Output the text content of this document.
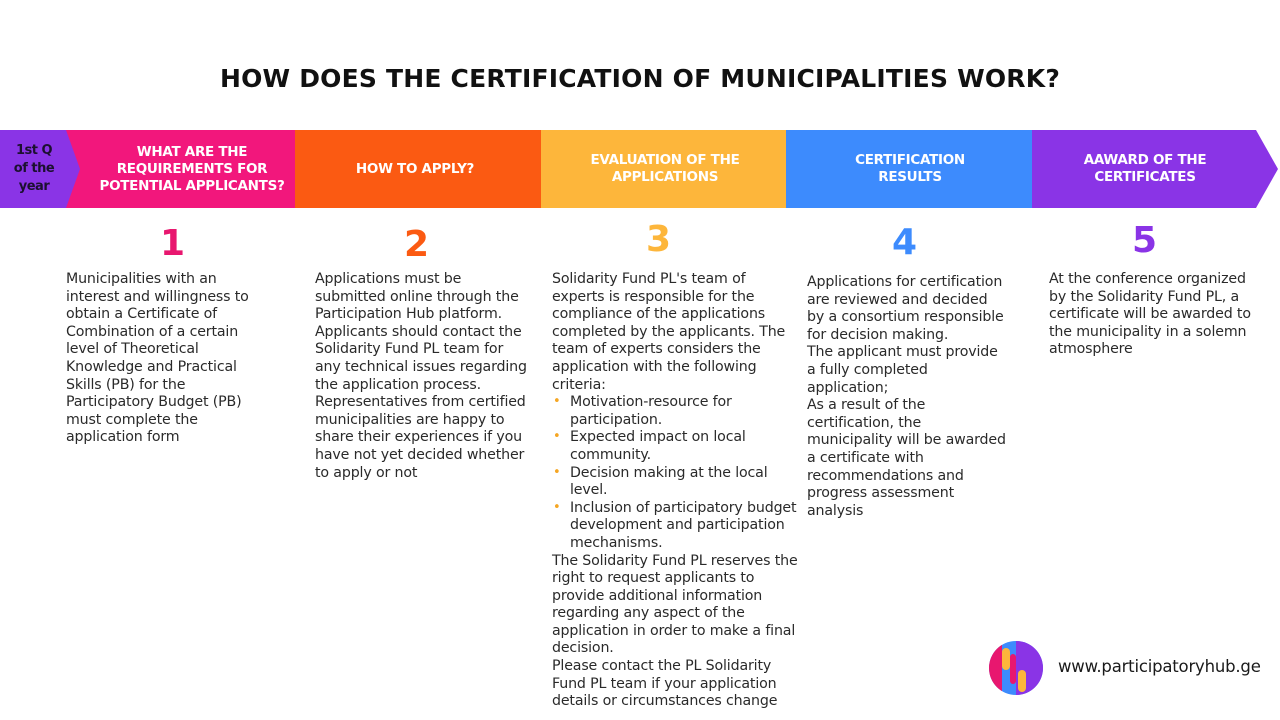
HOW DOES THE CERTIFICATION OF MUNICIPALITIES WORK?
1st Q of the year
WHAT ARE THE REQUIREMENTS FOR POTENTIAL APPLICANTS?
HOW TO APPLY?
EVALUATION OF THE APPLICATIONS
CERTIFICATION RESULTS
AAWARD OF THE CERTIFICATES
1	2	3	4	5

Municipalities with an interest and willingness to obtain a Certificate of Combination of a certain level of Theoretical Knowledge and Practical Skills (PB) for the Participatory Budget (PB) must complete the application form

Applications must be submitted online through the Participation Hub platform. Applicants should contact the Solidarity Fund PL team for any technical issues regarding the application process. Representatives from certified municipalities are happy to share their experiences if you have not yet decided whether to apply or not

Solidarity Fund PL's team of experts is responsible for the compliance of the applications completed by the applicants. The team of experts considers the application with the following criteria:

• Motivation-resource for participation.
• Expected impact on local community.
• Decision making at the local level.
• Inclusion of participatory budget development and participation mechanisms.

The Solidarity Fund PL reserves the right to request applicants to provide additional information regarding any aspect of the application in order to make a final decision.

Please contact the PL Solidarity Fund PL team if your application details or circumstances change

Applications for certification are reviewed and decided by a consortium responsible for decision making.

The applicant must provide a fully completed application;

As a result of the certification, the municipality will be awarded a certificate with recommendations and progress assessment analysis

At the conference organized by the Solidarity Fund PL, a certificate will be awarded to the municipality in a solemn atmosphere

www.participatoryhub.ge
